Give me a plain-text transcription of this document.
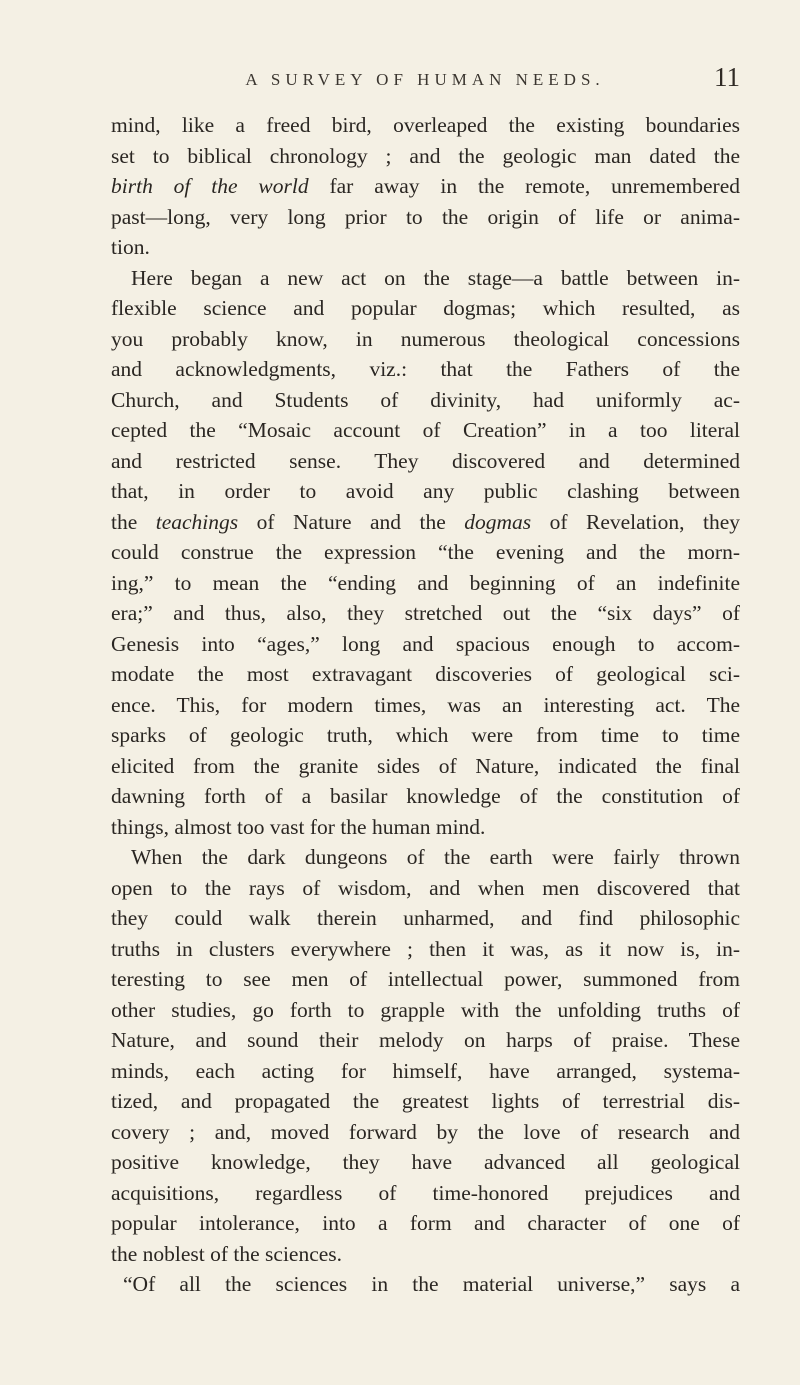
A SURVEY OF HUMAN NEEDS.	11
mind, like a freed bird, overleaped the existing boundaries
set to biblical chronology ; and the geologic man dated the
birth of the world far away in the remote, unremembered
past—long, very long prior to the origin of life or anima-
tion.
Here began a new act on the stage—a battle between in-
flexible science and popular dogmas; which resulted, as
you probably know, in numerous theological concessions
and acknowledgments, viz.: that the Fathers of the
Church, and Students of divinity, had uniformly ac-
cepted the “Mosaic account of Creation” in a too literal
and restricted sense. They discovered and determined
that, in order to avoid any public clashing between
the teachings of Nature and the dogmas of Revelation, they
could construe the expression “the evening and the morn-
ing,” to mean the “ending and beginning of an indefinite
era;” and thus, also, they stretched out the “six days” of
Genesis into “ages,” long and spacious enough to accom-
modate the most extravagant discoveries of geological sci-
ence. This, for modern times, was an interesting act. The
sparks of geologic truth, which were from time to time
elicited from the granite sides of Nature, indicated the final
dawning forth of a basilar knowledge of the constitution of
things, almost too vast for the human mind.
When the dark dungeons of the earth were fairly thrown
open to the rays of wisdom, and when men discovered that
they could walk therein unharmed, and find philosophic
truths in clusters everywhere ; then it was, as it now is, in-
teresting to see men of intellectual power, summoned from
other studies, go forth to grapple with the unfolding truths of
Nature, and sound their melody on harps of praise. These
minds, each acting for himself, have arranged, systema-
tized, and propagated the greatest lights of terrestrial dis-
covery ; and, moved forward by the love of research and
positive knowledge, they have advanced all geological
acquisitions, regardless of time-honored prejudices and
popular intolerance, into a form and character of one of
the noblest of the sciences.
“Of all the sciences in the material universe,” says a
